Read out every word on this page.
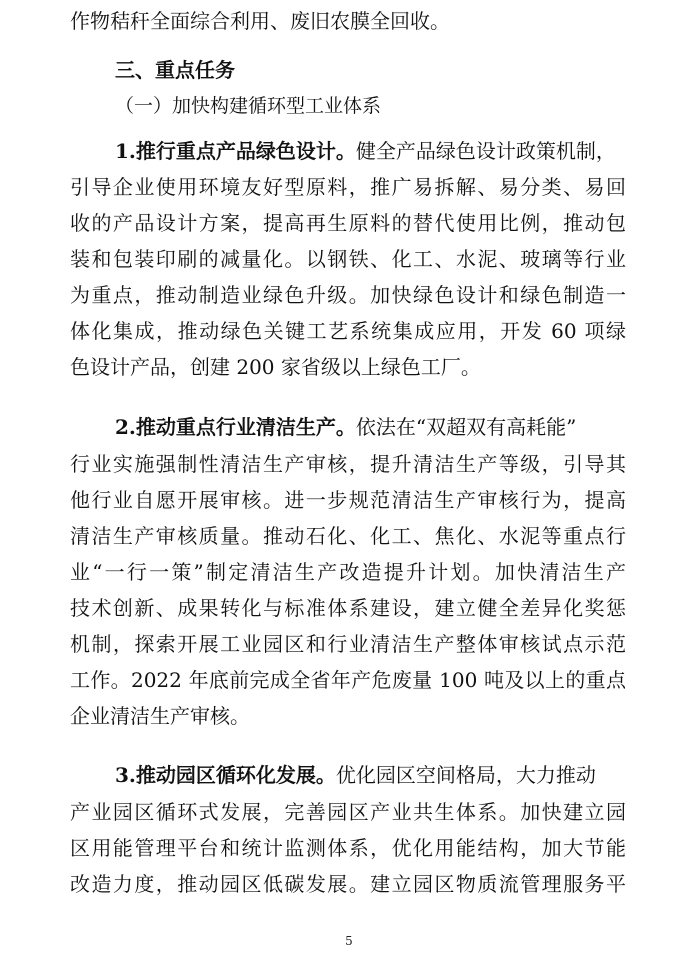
作物秸秆全面综合利用、废旧农膜全回收。
三、重点任务
（一）加快构建循环型工业体系
1.推行重点产品绿色设计。健全产品绿色设计政策机制，
引导企业使用环境友好型原料，推广易拆解、易分类、易回
收的产品设计方案，提高再生原料的替代使用比例，推动包
装和包装印刷的减量化。以钢铁、化工、水泥、玻璃等行业
为重点，推动制造业绿色升级。加快绿色设计和绿色制造一
体化集成，推动绿色关键工艺系统集成应用，开发 60 项绿
色设计产品，创建 200 家省级以上绿色工厂。
2.推动重点行业清洁生产。依法在“双超双有高耗能”
行业实施强制性清洁生产审核，提升清洁生产等级，引导其
他行业自愿开展审核。进一步规范清洁生产审核行为，提高
清洁生产审核质量。推动石化、化工、焦化、水泥等重点行
业“一行一策”制定清洁生产改造提升计划。加快清洁生产
技术创新、成果转化与标准体系建设，建立健全差异化奖惩
机制，探索开展工业园区和行业清洁生产整体审核试点示范
工作。2022 年底前完成全省年产危废量 100 吨及以上的重点
企业清洁生产审核。
3.推动园区循环化发展。优化园区空间格局，大力推动
产业园区循环式发展，完善园区产业共生体系。加快建立园
区用能管理平台和统计监测体系，优化用能结构，加大节能
改造力度，推动园区低碳发展。建立园区物质流管理服务平
5
